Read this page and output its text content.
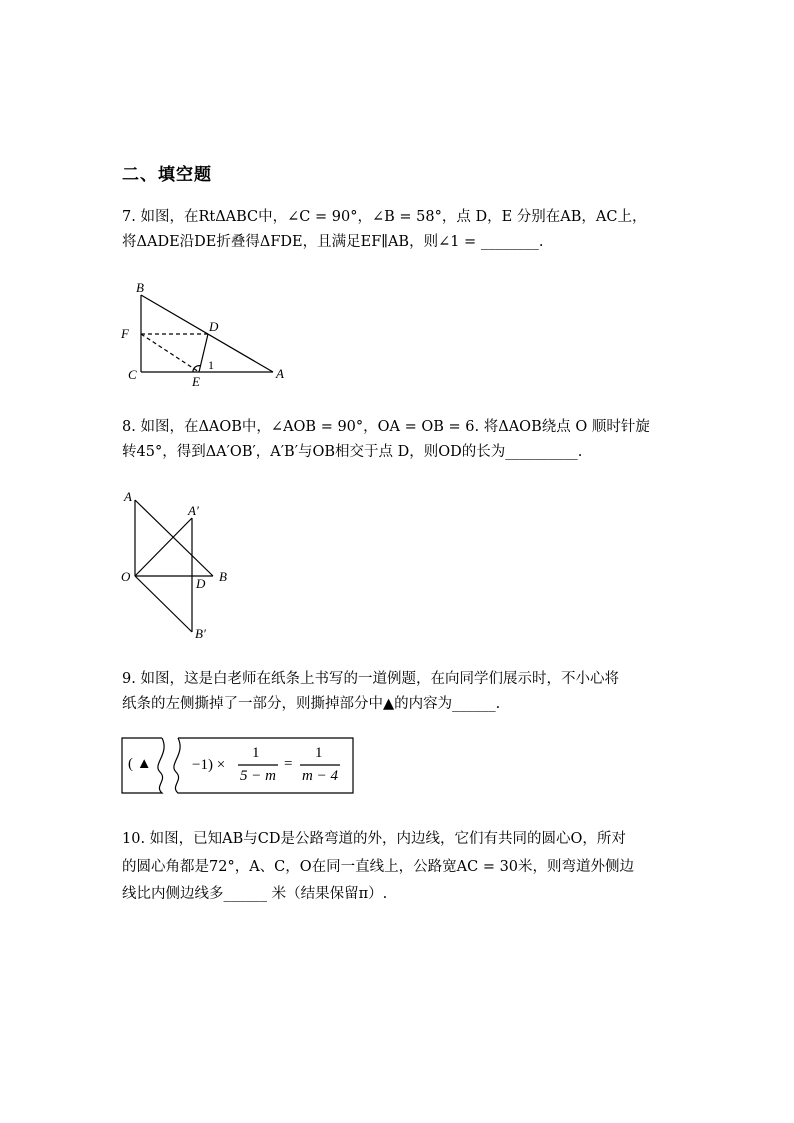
二、填空题
7. 如图，在RtΔABC中，∠C = 90°，∠B = 58°，点 D，E 分别在AB，AC上，
将ΔADE沿DE折叠得ΔFDE，且满足EF∥AB，则∠1 = ________.
B
F	D
C	E
A
1
8. 如图，在ΔAOB中，∠AOB = 90°，OA = OB = 6. 将ΔAOB绕点 O 顺时针旋
转45°，得到ΔA′OB′，A′B′与OB相交于点 D，则OD的长为__________.
A
A′
O	D B
B′
9. 如图，这是白老师在纸条上书写的一道例题，在向同学们展示时，不小心将
纸条的左侧撕掉了一部分，则撕掉部分中▲的内容为______.
( ▲	−1) ×
1
5 − m
=
1
m − 4
10. 如图，已知AB与CD是公路弯道的外，内边线，它们有共同的圆心O，所对
的圆心角都是72°，A、C，O在同一直线上，公路宽AC = 30米，则弯道外侧边
线比内侧边线多______ 米（结果保留π）.
